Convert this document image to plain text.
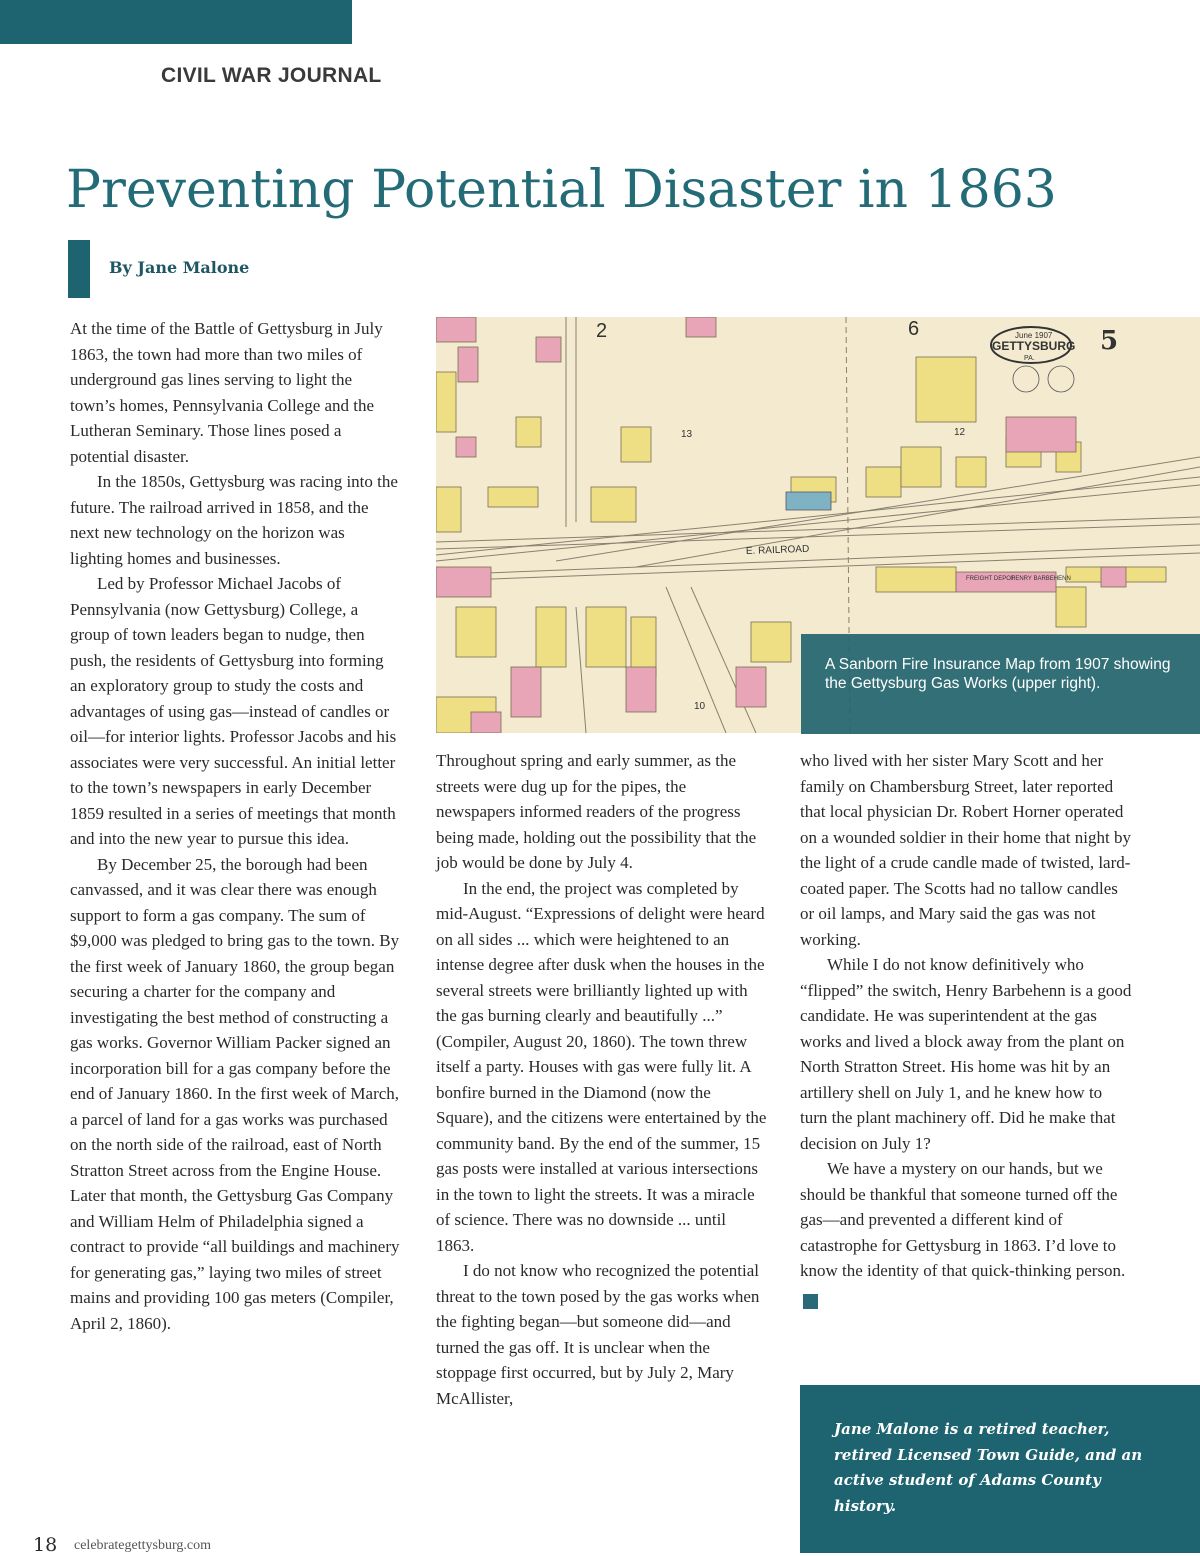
CIVIL WAR JOURNAL
Preventing Potential Disaster in 1863
By Jane Malone

At the time of the Battle of Gettysburg in July 1863, the town had more than two miles of underground gas lines serving to light the town’s homes, Pennsylvania College and the Lutheran Seminary. Those lines posed a potential disaster.

In the 1850s, Gettysburg was racing into the future. The railroad arrived in 1858, and the next new technology on the horizon was lighting homes and businesses.

Led by Professor Michael Jacobs of Pennsylvania (now Gettysburg) College, a group of town leaders began to nudge, then push, the residents of Gettysburg into forming an exploratory group to study the costs and advantages of using gas—instead of candles or oil—for interior lights. Professor Jacobs and his associates were very successful. An initial letter to the town’s newspapers in early December 1859 resulted in a series of meetings that month and into the new year to pursue this idea.

By December 25, the borough had been canvassed, and it was clear there was enough support to form a gas company. The sum of $9,000 was pledged to bring gas to the town. By the first week of January 1860, the group began securing a charter for the company and investigating the best method of constructing a gas works. Governor William Packer signed an incorporation bill for a gas company before the end of January 1860. In the first week of March, a parcel of land for a gas works was purchased on the north side of the railroad, east of North Stratton Street across from the Engine House. Later that month, the Gettysburg Gas Company and William Helm of Philadelphia signed a contract to provide “all buildings and machinery for generating gas,” laying two miles of street mains and providing 100 gas meters (Compiler, April 2, 1860).

June 1907
GETTYSBURG
PA.
5
E. RAILROAD
2	6
13	12
10
FREIGHT DEPOT
HENRY BARBEHENN
A Sanborn Fire Insurance Map from 1907 showing the Gettysburg Gas Works (upper right).

Throughout spring and early summer, as the streets were dug up for the pipes, the newspapers informed readers of the progress being made, holding out the possibility that the job would be done by July 4.

In the end, the project was completed by mid-August. “Expressions of delight were heard on all sides ... which were heightened to an intense degree after dusk when the houses in the several streets were brilliantly lighted up with the gas burning clearly and beautifully ...” (Compiler, August 20, 1860). The town threw itself a party. Houses with gas were fully lit. A bonfire burned in the Diamond (now the Square), and the citizens were entertained by the community band. By the end of the summer, 15 gas posts were installed at various intersections in the town to light the streets. It was a miracle of science. There was no downside ... until 1863.

I do not know who recognized the potential threat to the town posed by the gas works when the fighting began—but someone did—and turned the gas off. It is unclear when the stoppage first occurred, but by July 2, Mary McAllister,

who lived with her sister Mary Scott and her family on Chambersburg Street, later reported that local physician Dr. Robert Horner operated on a wounded soldier in their home that night by the light of a crude candle made of twisted, lard-coated paper. The Scotts had no tallow candles or oil lamps, and Mary said the gas was not working.

While I do not know definitively who “flipped” the switch, Henry Barbehenn is a good candidate. He was superintendent at the gas works and lived a block away from the plant on North Stratton Street. His home was hit by an artillery shell on July 1, and he knew how to turn the plant machinery off. Did he make that decision on July 1?

We have a mystery on our hands, but we should be thankful that someone turned off the gas—and prevented a different kind of catastrophe for Gettysburg in 1863. I’d love to know the identity of that quick-thinking person. G

Jane Malone is a retired teacher, retired Licensed Town Guide, and an active student of Adams County history.
18 celebrategettysburg.com
